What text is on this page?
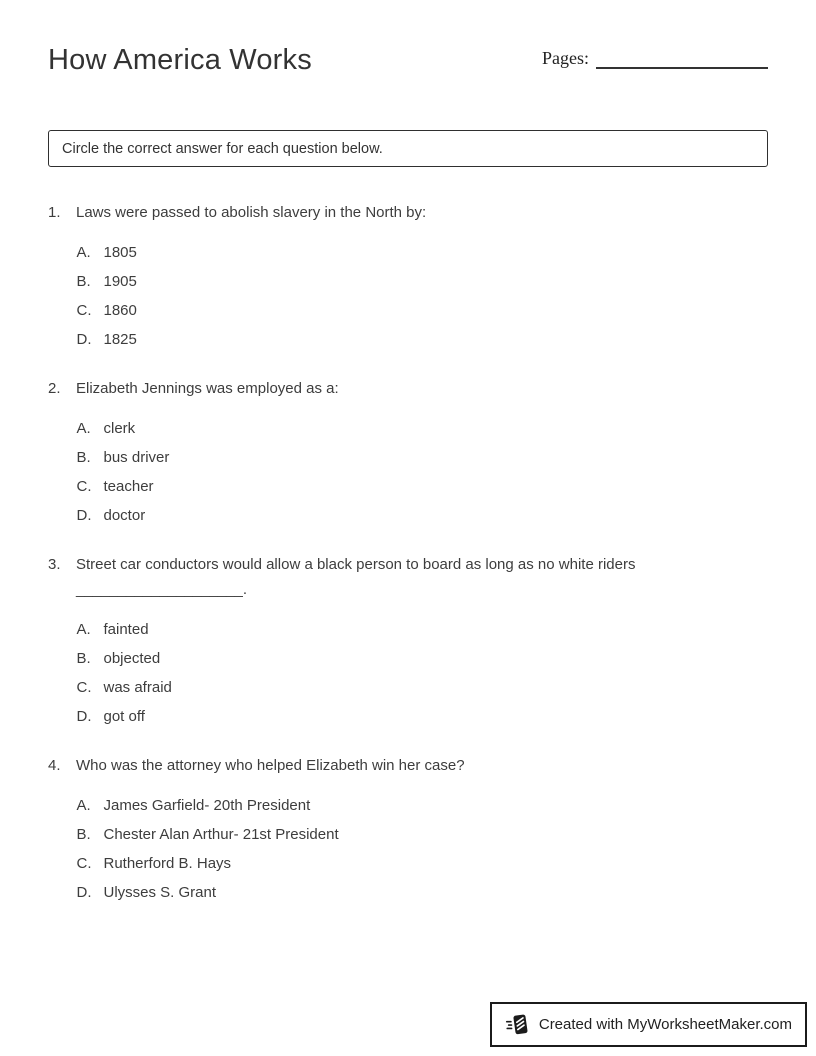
How America Works	Pages:
Circle the correct answer for each question below.
1.	Laws were passed to abolish slavery in the North by:
A. 1805
B. 1905
C. 1860
D. 1825
2.	Elizabeth Jennings was employed as a:
A. clerk
B. bus driver
C. teacher
D. doctor
3.	Street car conductors would allow a black person to board as long as no white riders ____________________.
A. fainted
B. objected
C. was afraid
D. got off
4.	Who was the attorney who helped Elizabeth win her case?
A. James Garfield- 20th President
B. Chester Alan Arthur- 21st President
C. Rutherford B. Hays
D. Ulysses S. Grant
Created with MyWorksheetMaker.com
